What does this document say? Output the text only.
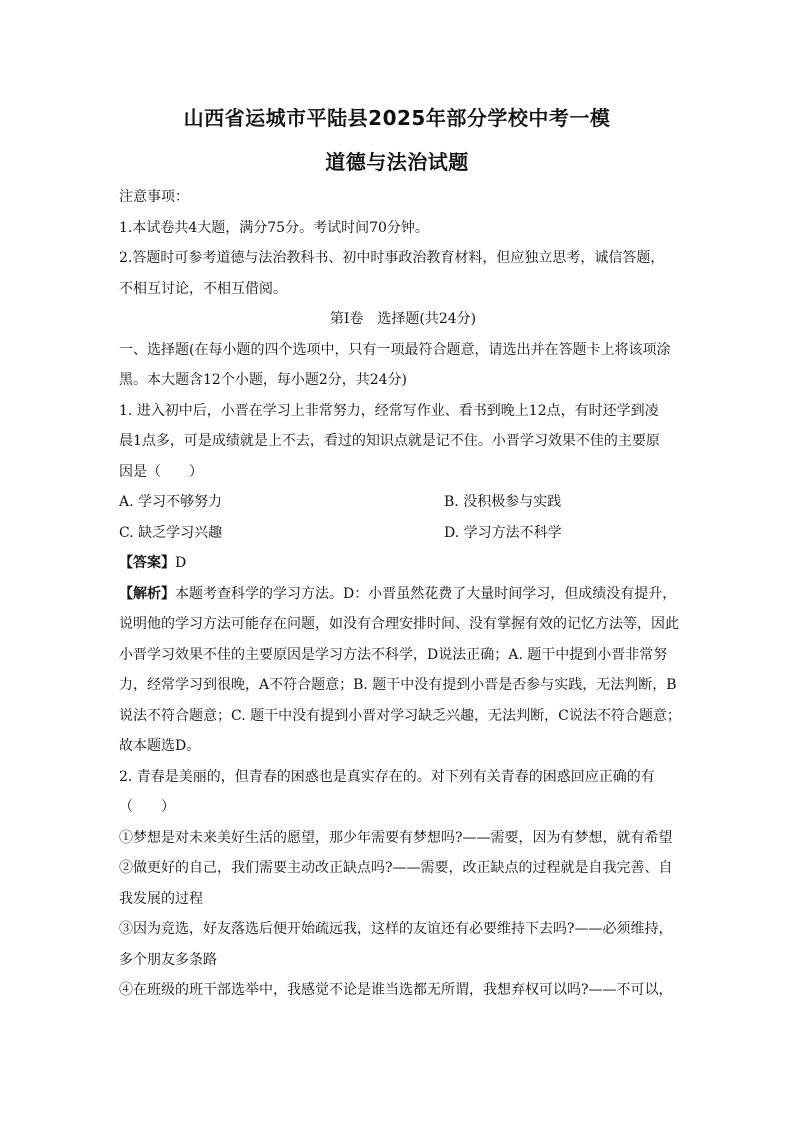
山西省运城市平陆县2025年部分学校中考一模
道德与法治试题
注意事项：
1.本试卷共4大题，满分75分。考试时间70分钟。
2.答题时可参考道德与法治教科书、初中时事政治教育材料，但应独立思考，诚信答题，
不相互讨论，不相互借阅。
第Ⅰ卷　选择题(共24分)
一、选择题(在每小题的四个选项中，只有一项最符合题意，请选出并在答题卡上将该项涂
黑。本大题含12个小题，每小题2分，共24分)
1. 进入初中后，小晋在学习上非常努力，经常写作业、看书到晚上12点，有时还学到凌
晨1点多，可是成绩就是上不去，看过的知识点就是记不住。小晋学习效果不佳的主要原
因是（　　）
A. 学习不够努力	B. 没积极参与实践
C. 缺乏学习兴趣	D. 学习方法不科学
【答案】D
【解析】本题考查科学的学习方法。D：小晋虽然花费了大量时间学习，但成绩没有提升，
说明他的学习方法可能存在问题，如没有合理安排时间、没有掌握有效的记忆方法等，因此
小晋学习效果不佳的主要原因是学习方法不科学，D说法正确；A. 题干中提到小晋非常努
力，经常学习到很晚，A不符合题意；B. 题干中没有提到小晋是否参与实践，无法判断，B
说法不符合题意；C. 题干中没有提到小晋对学习缺乏兴趣，无法判断，C说法不符合题意；
故本题选D。
2. 青春是美丽的，但青春的困惑也是真实存在的。对下列有关青春的困惑回应正确的有
（　　）
①梦想是对未来美好生活的愿望，那少年需要有梦想吗?——需要，因为有梦想，就有希望
②做更好的自己，我们需要主动改正缺点吗?——需要，改正缺点的过程就是自我完善、自
我发展的过程
③因为竞选，好友落选后便开始疏远我，这样的友谊还有必要维持下去吗?——必须维持，
多个朋友多条路
④在班级的班干部选举中，我感觉不论是谁当选都无所谓，我想弃权可以吗?——不可以，
